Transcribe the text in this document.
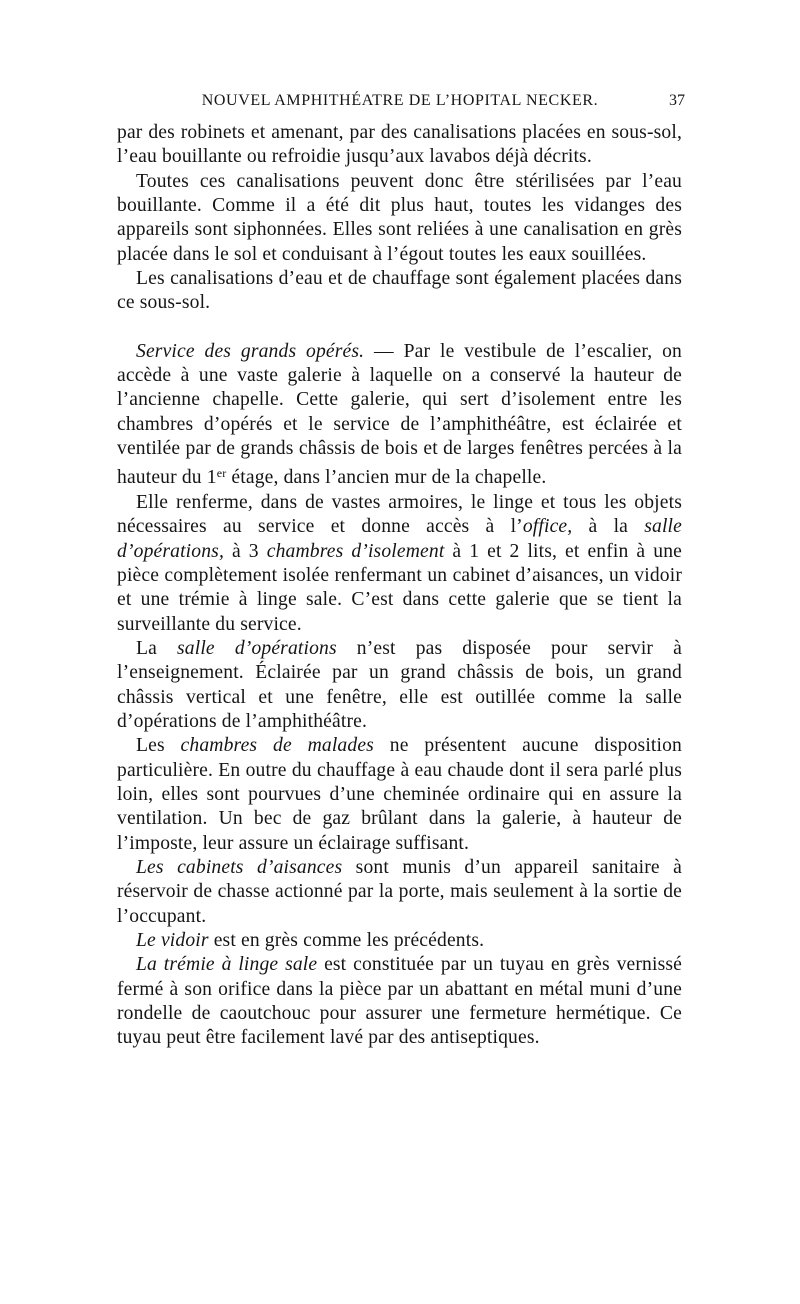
NOUVEL AMPHITHÉATRE DE L’HOPITAL NECKER.	37

par des robinets et amenant, par des canalisations placées en sous-sol, l’eau bouillante ou refroidie jusqu’aux lavabos déjà décrits.

Toutes ces canalisations peuvent donc être stérilisées par l’eau bouillante. Comme il a été dit plus haut, toutes les vidanges des appareils sont siphonnées. Elles sont reliées à une canalisation en grès placée dans le sol et conduisant à l’égout toutes les eaux souillées.

Les canalisations d’eau et de chauffage sont également placées dans ce sous-sol.

Service des grands opérés. — Par le vestibule de l’escalier, on accède à une vaste galerie à laquelle on a conservé la hauteur de l’ancienne chapelle. Cette galerie, qui sert d’isolement entre les chambres d’opérés et le service de l’amphithéâtre, est éclairée et ventilée par de grands châssis de bois et de larges fenêtres percées à la hauteur du 1er étage, dans l’ancien mur de la chapelle.

Elle renferme, dans de vastes armoires, le linge et tous les objets nécessaires au service et donne accès à l’office, à la salle d’opérations, à 3 chambres d’isolement à 1 et 2 lits, et enfin à une pièce complètement isolée renfermant un cabinet d’aisances, un vidoir et une trémie à linge sale. C’est dans cette galerie que se tient la surveillante du service.

La salle d’opérations n’est pas disposée pour servir à l’enseignement. Éclairée par un grand châssis de bois, un grand châssis vertical et une fenêtre, elle est outillée comme la salle d’opérations de l’amphithéâtre.

Les chambres de malades ne présentent aucune disposition particulière. En outre du chauffage à eau chaude dont il sera parlé plus loin, elles sont pourvues d’une cheminée ordinaire qui en assure la ventilation. Un bec de gaz brûlant dans la galerie, à hauteur de l’imposte, leur assure un éclairage suffisant.

Les cabinets d’aisances sont munis d’un appareil sanitaire à réservoir de chasse actionné par la porte, mais seulement à la sortie de l’occupant.

Le vidoir est en grès comme les précédents.

La trémie à linge sale est constituée par un tuyau en grès vernissé fermé à son orifice dans la pièce par un abattant en métal muni d’une rondelle de caoutchouc pour assurer une fermeture hermétique. Ce tuyau peut être facilement lavé par des antiseptiques.
